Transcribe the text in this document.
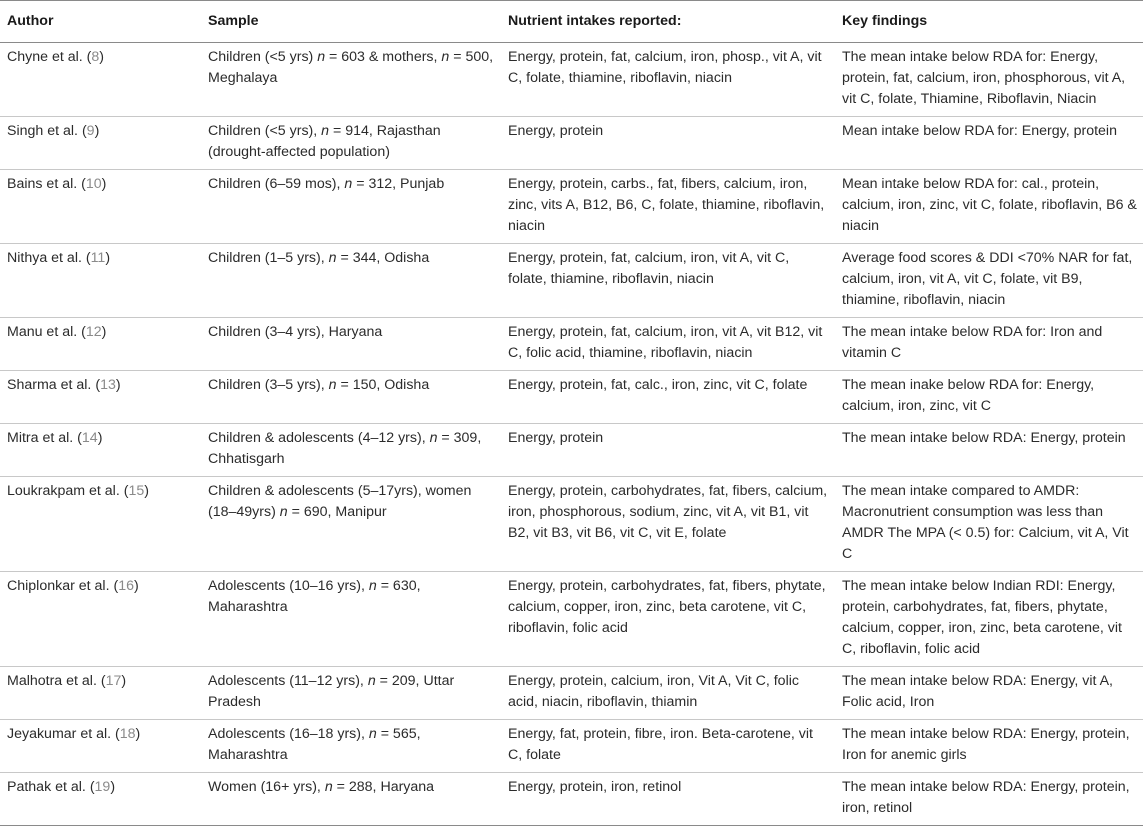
Author	Sample	Nutrient intakes reported:	Key findings
Chyne et al. (8)	Children (<5 yrs) n = 603 & mothers, n = 500, Meghalaya	Energy, protein, fat, calcium, iron, phosp., vit A, vit C, folate, thiamine, riboflavin, niacin	The mean intake below RDA for: Energy, protein, fat, calcium, iron, phosphorous, vit A, vit C, folate, Thiamine, Riboflavin, Niacin
Singh et al. (9)	Children (<5 yrs), n = 914, Rajasthan (drought-affected population)	Energy, protein	Mean intake below RDA for: Energy, protein
Bains et al. (10)	Children (6–59 mos), n = 312, Punjab	Energy, protein, carbs., fat, fibers, calcium, iron, zinc, vits A, B12, B6, C, folate, thiamine, riboflavin, niacin	Mean intake below RDA for: cal., protein, calcium, iron, zinc, vit C, folate, riboflavin, B6 & niacin
Nithya et al. (11)	Children (1–5 yrs), n = 344, Odisha	Energy, protein, fat, calcium, iron, vit A, vit C, folate, thiamine, riboflavin, niacin	Average food scores & DDI <70% NAR for fat, calcium, iron, vit A, vit C, folate, vit B9, thiamine, riboflavin, niacin
Manu et al. (12)	Children (3–4 yrs), Haryana	Energy, protein, fat, calcium, iron, vit A, vit B12, vit C, folic acid, thiamine, riboflavin, niacin	The mean intake below RDA for: Iron and vitamin C
Sharma et al. (13)	Children (3–5 yrs), n = 150, Odisha	Energy, protein, fat, calc., iron, zinc, vit C, folate	The mean inake below RDA for: Energy, calcium, iron, zinc, vit C
Mitra et al. (14)	Children & adolescents (4–12 yrs), n = 309, Chhatisgarh	Energy, protein	The mean intake below RDA: Energy, protein
Loukrakpam et al. (15)	Children & adolescents (5–17yrs), women (18–49yrs) n = 690, Manipur	Energy, protein, carbohydrates, fat, fibers, calcium, iron, phosphorous, sodium, zinc, vit A, vit B1, vit B2, vit B3, vit B6, vit C, vit E, folate	The mean intake compared to AMDR: Macronutrient consumption was less than AMDR The MPA (< 0.5) for: Calcium, vit A, Vit C
Chiplonkar et al. (16)	Adolescents (10–16 yrs), n = 630, Maharashtra	Energy, protein, carbohydrates, fat, fibers, phytate, calcium, copper, iron, zinc, beta carotene, vit C, riboflavin, folic acid	The mean intake below Indian RDI: Energy, protein, carbohydrates, fat, fibers, phytate, calcium, copper, iron, zinc, beta carotene, vit C, riboflavin, folic acid
Malhotra et al. (17)	Adolescents (11–12 yrs), n = 209, Uttar Pradesh	Energy, protein, calcium, iron, Vit A, Vit C, folic acid, niacin, riboflavin, thiamin	The mean intake below RDA: Energy, vit A, Folic acid, Iron
Jeyakumar et al. (18)	Adolescents (16–18 yrs), n = 565, Maharashtra	Energy, fat, protein, fibre, iron. Beta-carotene, vit C, folate	The mean intake below RDA: Energy, protein, Iron for anemic girls
Pathak et al. (19)	Women (16+ yrs), n = 288, Haryana	Energy, protein, iron, retinol	The mean intake below RDA: Energy, protein, iron, retinol
